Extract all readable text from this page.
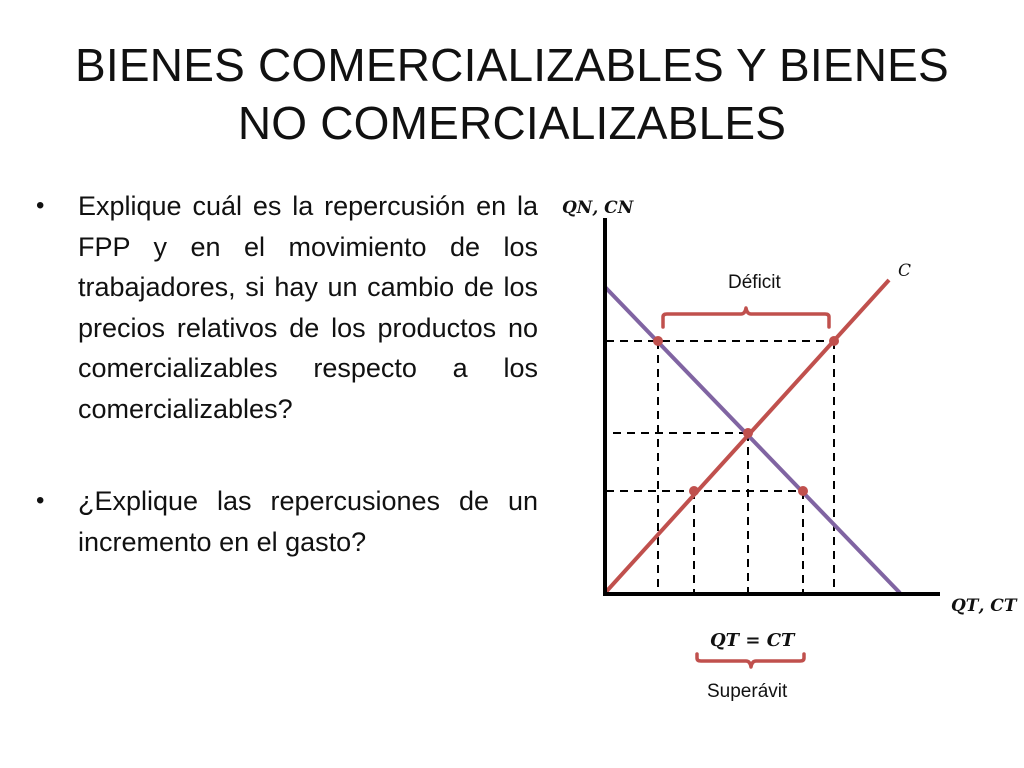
BIENES COMERCIALIZABLES Y BIENES
NO COMERCIALIZABLES
• Explique cuál es la repercusión en la FPP y en el movimiento de los trabajadores, si hay un cambio de los precios relativos de los productos no comercializables respecto a los comercializables?
• ¿Explique las repercusiones de un incremento en el gasto?
𝑸𝑵, 𝑪𝑵
𝐶
Déficit
𝑸𝑻, 𝑪𝑻
𝑸𝑻 = 𝑪𝑻
Superávit
